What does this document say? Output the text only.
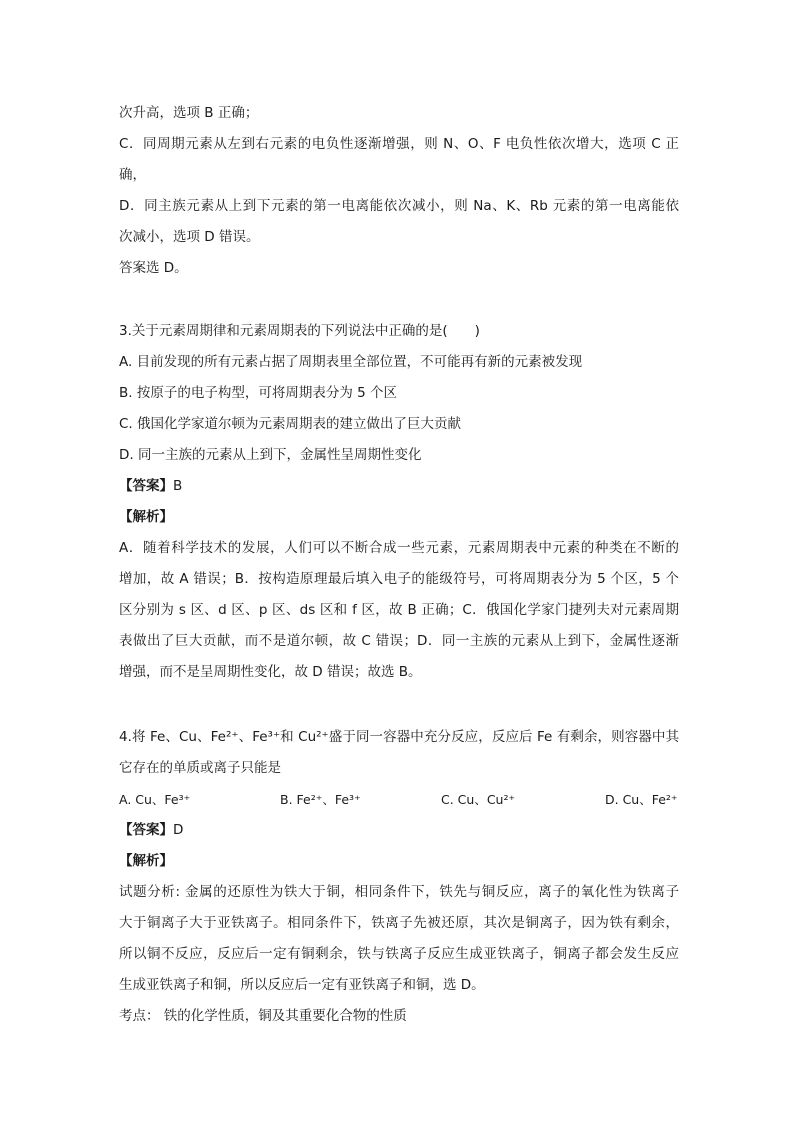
次升高，选项 B 正确；
C．同周期元素从左到右元素的电负性逐渐增强，则 N、O、F 电负性依次增大，选项 C 正
确，
D．同主族元素从上到下元素的第一电离能依次减小，则 Na、K、Rb 元素的第一电离能依
次减小，选项 D 错误。
答案选 D。
3.关于元素周期律和元素周期表的下列说法中正确的是(　　)
A. 目前发现的所有元素占据了周期表里全部位置，不可能再有新的元素被发现
B. 按原子的电子构型，可将周期表分为 5 个区
C. 俄国化学家道尔顿为元素周期表的建立做出了巨大贡献
D. 同一主族的元素从上到下，金属性呈周期性变化
【答案】B
【解析】
A．随着科学技术的发展，人们可以不断合成一些元素，元素周期表中元素的种类在不断的
增加，故 A 错误；B．按构造原理最后填入电子的能级符号，可将周期表分为 5 个区，5 个
区分别为 s 区、d 区、p 区、ds 区和 f 区，故 B 正确；C．俄国化学家门捷列夫对元素周期
表做出了巨大贡献，而不是道尔顿，故 C 错误；D．同一主族的元素从上到下，金属性逐渐
增强，而不是呈周期性变化，故 D 错误；故选 B。
4.将 Fe、Cu、Fe²⁺、Fe³⁺和 Cu²⁺盛于同一容器中充分反应，反应后 Fe 有剩余，则容器中其
它存在的单质或离子只能是
A. Cu、Fe³⁺	B. Fe²⁺、Fe³⁺	C. Cu、Cu²⁺	D. Cu、Fe²⁺
【答案】D
【解析】
试题分析: 金属的还原性为铁大于铜，相同条件下，铁先与铜反应，离子的氧化性为铁离子
大于铜离子大于亚铁离子。相同条件下，铁离子先被还原，其次是铜离子，因为铁有剩余，
所以铜不反应，反应后一定有铜剩余，铁与铁离子反应生成亚铁离子，铜离子都会发生反应
生成亚铁离子和铜，所以反应后一定有亚铁离子和铜，选 D。
考点： 铁的化学性质，铜及其重要化合物的性质
